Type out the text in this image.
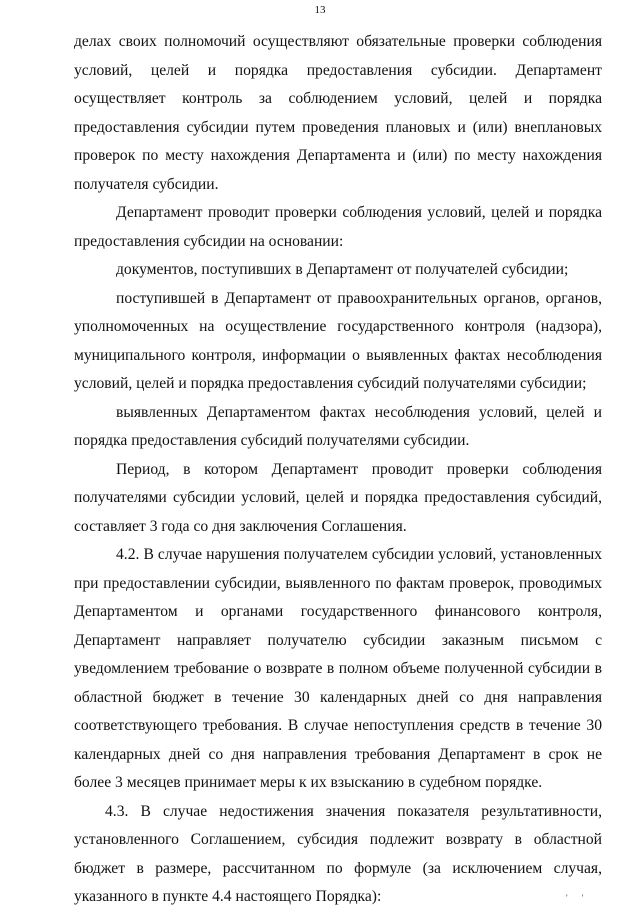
13

делах своих полномочий осуществляют обязательные проверки соблюдения условий, целей и порядка предоставления субсидии. Департамент осуществляет контроль за соблюдением условий, целей и порядка предоставления субсидии путем проведения плановых и (или) внеплановых проверок по месту нахождения Департамента и (или) по месту нахождения получателя субсидии.

Департамент проводит проверки соблюдения условий, целей и порядка предоставления субсидии на основании:

документов, поступивших в Департамент от получателей субсидии;

поступившей в Департамент от правоохранительных органов, органов, уполномоченных на осуществление государственного контроля (надзора), муниципального контроля, информации о выявленных фактах несоблюдения условий, целей и порядка предоставления субсидий получателями субсидии;

выявленных Департаментом фактах несоблюдения условий, целей и порядка предоставления субсидий получателями субсидии.

Период, в котором Департамент проводит проверки соблюдения получателями субсидии условий, целей и порядка предоставления субсидий, составляет 3 года со дня заключения Соглашения.

4.2. В случае нарушения получателем субсидии условий, установленных при предоставлении субсидии, выявленного по фактам проверок, проводимых Департаментом и органами государственного финансового контроля, Департамент направляет получателю субсидии заказным письмом с уведомлением требование о возврате в полном объеме полученной субсидии в областной бюджет в течение 30 календарных дней со дня направления соответствующего требования. В случае непоступления средств в течение 30 календарных дней со дня направления требования Департамент в срок не более 3 месяцев принимает меры к их взысканию в судебном порядке.

4.3. В случае недостижения значения показателя результативности, установленного Соглашением, субсидия подлежит возврату в областной бюджет в размере, рассчитанном по формуле (за исключением случая, указанного в пункте 4.4 настоящего Порядка):	' '
